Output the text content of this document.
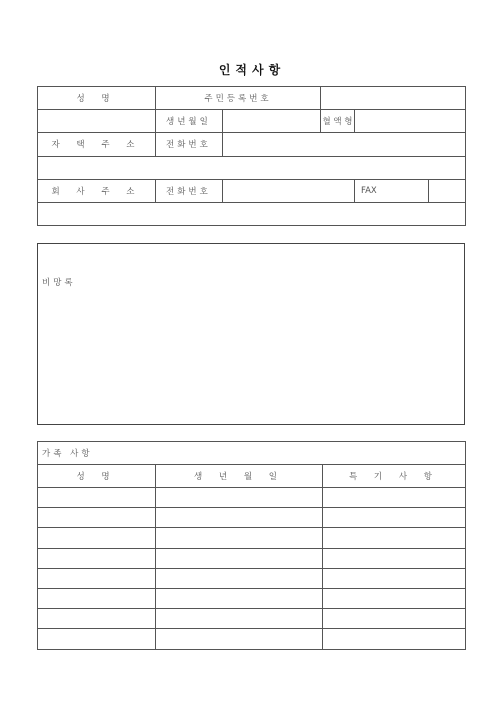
인적사항
성 명	주민등록번호				
	생년월일		혈 액 형		
자 택 주 소	전화번호				

회 사 주 소	전화번호			FAX	

비망록
가족 사항		
성 명	생 년 월 일	특 기 사 항
